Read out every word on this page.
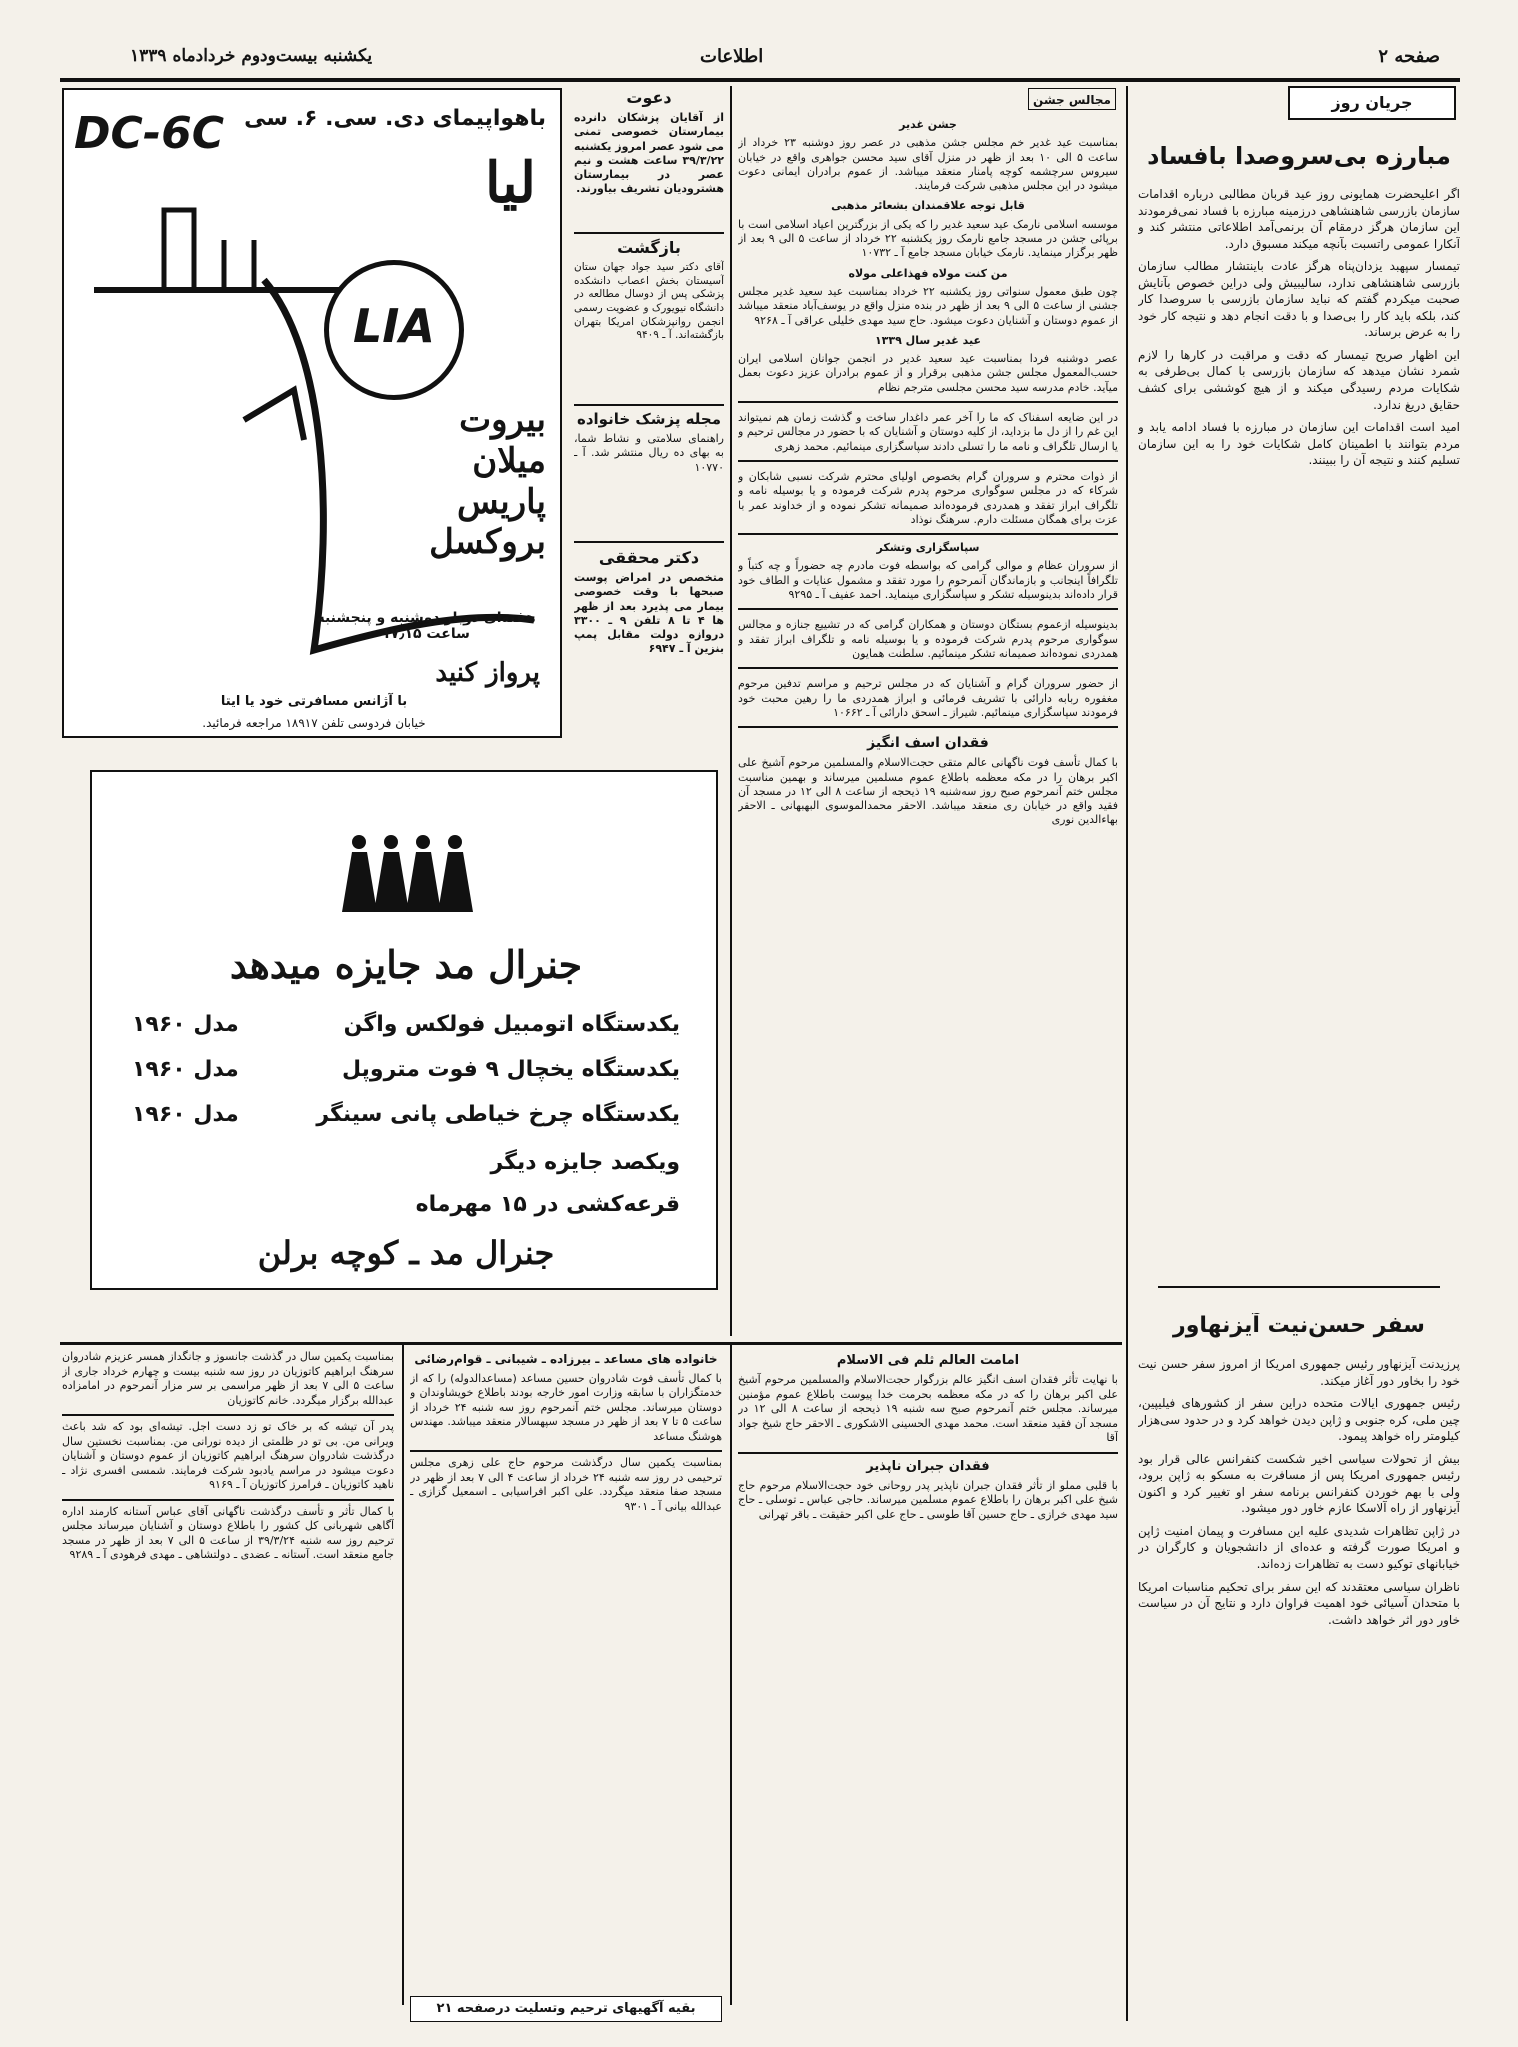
صفحه ۲
اطلاعات
یکشنبه بیست‌ودوم خردادماه ۱۳۳۹
جریان روز
مبارزه بی‌سروصدا بافساد

اگر اعلیحضرت همایونی روز عید قربان مطالبی درباره اقدامات سازمان بازرسی شاهنشاهی درزمینه مبارزه با فساد نمی‌فرمودند این سازمان هرگز درمقام آن برنمی‌آمد اطلاعاتی منتشر کند و آنکارا عمومی راتسبت بآنچه میکند مسبوق دارد.

تیمسار سپهبد یزدان‌پناه هرگز عادت باینتشار مطالب سازمان بازرسی شاهنشاهی ندارد، سالیبیش ولی دراین خصوص بآنایش صحبت میکردم گفتم که نباید سازمان بازرسی با سروصدا کار کند، بلکه باید کار را بی‌صدا و با دقت انجام دهد و نتیجه کار خود را به عرض برساند.

این اظهار صریح تیمسار که دقت و مراقبت در کارها را لازم شمرد نشان میدهد که سازمان بازرسی با کمال بی‌طرفی به شکایات مردم رسیدگی میکند و از هیچ کوششی برای کشف حقایق دریغ ندارد.

امید است اقدامات این سازمان در مبارزه با فساد ادامه یابد و مردم بتوانند با اطمینان کامل شکایات خود را به این سازمان تسلیم کنند و نتیجه آن را ببینند.

سفر حسن‌نیت آیزنهاور

پرزیدنت آیزنهاور رئیس جمهوری امریکا از امروز سفر حسن نیت خود را بخاور دور آغاز میکند.

رئیس جمهوری ایالات متحده دراین سفر از کشورهای فیلیپین، چین ملی، کره جنوبی و ژاپن دیدن خواهد کرد و در حدود سی‌هزار کیلومتر راه خواهد پیمود.

بیش از تحولات سیاسی اخیر شکست کنفرانس عالی قرار بود رئیس جمهوری امریکا پس از مسافرت به مسکو به ژاپن برود، ولی با بهم خوردن کنفرانس برنامه سفر او تغییر کرد و اکنون آیزنهاور از راه آلاسکا عازم خاور دور میشود.

در ژاپن تظاهرات شدیدی علیه این مسافرت و پیمان امنیت ژاپن و امریکا صورت گرفته و عده‌ای از دانشجویان و کارگران در خیابانهای توکیو دست به تظاهرات زده‌اند.

ناظران سیاسی معتقدند که این سفر برای تحکیم مناسبات امریکا با متحدان آسیائی خود اهمیت فراوان دارد و نتایج آن در سیاست خاور دور اثر خواهد داشت.

مجالس جشن
جشن غدیر

بمناسبت عید غدیر خم مجلس جشن مذهبی در عصر روز دوشنبه ۲۳ خرداد از ساعت ۵ الی ۱۰ بعد از ظهر در منزل آقای سید محسن جواهری واقع در خیابان سیروس سرچشمه کوچه پامنار منعقد میباشد. از عموم برادران ایمانی دعوت میشود در این مجلس مذهبی شرکت فرمایند.

قابل توجه علاقمندان بشعائر مذهبی

موسسه اسلامی نارمک عید سعید غدیر را که یکی از بزرگترین اعیاد اسلامی است با برپائی جشن در مسجد جامع نارمک روز یکشنبه ۲۲ خرداد از ساعت ۵ الی ۹ بعد از ظهر برگزار مینماید. نارمک خیابان مسجد جامع آ ـ ۱۰۷۳۲

من کنت مولاه فهذاعلی مولاه

چون طبق معمول سنواتی روز یکشنبه ۲۲ خرداد بمناسبت عید سعید غدیر مجلس جشنی از ساعت ۵ الی ۹ بعد از ظهر در بنده منزل واقع در یوسف‌آباد منعقد میباشد از عموم دوستان و آشنایان دعوت میشود. حاج سید مهدی خلیلی عراقی آ ـ ۹۲۶۸

عید غدیر سال ۱۳۳۹

عصر دوشنبه فردا بمناسبت عید سعید غدیر در انجمن جوانان اسلامی ایران حسب‌المعمول مجلس جشن مذهبی برقرار و از عموم برادران عزیز دعوت بعمل میآید. خادم مدرسه سید محسن مجلسی مترجم نظام

در این ضایعه اسفناک که ما را آخر عمر داغدار ساخت و گذشت زمان هم نمیتواند این غم را از دل ما بزداید، از کلیه دوستان و آشنایان که با حضور در مجالس ترحیم و یا ارسال تلگراف و نامه ما را تسلی دادند سپاسگزاری مینمائیم. محمد زهری

از ذوات محترم و سروران گرام بخصوص اولیای محترم شرکت نسبی شابکان و شرکاء که در مجلس سوگواری مرحوم پدرم شرکت فرموده و یا بوسیله نامه و تلگراف ابراز تفقد و همدردی فرموده‌اند صمیمانه تشکر نموده و از خداوند عمر با عزت برای همگان مسئلت دارم. سرهنگ نوذاد

سپاسگزاری وتشکر

از سروران عظام و موالی گرامی که بواسطه فوت مادرم چه حضوراً و چه کتباً و تلگرافاً اینجانب و بازماندگان آنمرحوم را مورد تفقد و مشمول عنایات و الطاف خود قرار داده‌اند بدینوسیله تشکر و سپاسگزاری مینماید. احمد عفیف آ ـ ۹۲۹۵

بدینوسیله ازعموم بستگان دوستان و همکاران گرامی که در تشییع جنازه و مجالس سوگواری مرحوم پدرم شرکت فرموده و یا بوسیله نامه و تلگراف ابراز تفقد و همدردی نموده‌اند صمیمانه تشکر مینمائیم. سلطنت همایون

از حضور سروران گرام و آشنایان که در مجلس ترحیم و مراسم تدفین مرحوم مغفوره ربابه دارائی با تشریف فرمائی و ابراز همدردی ما را رهین محبت خود فرمودند سپاسگزاری مینمائیم. شیراز ـ اسحق دارائی آ ـ ۱۰۶۶۲

فقدان اسف انگیز

با کمال تأسف فوت ناگهانی عالم متقی حجت‌الاسلام والمسلمین مرحوم آشیخ علی اکبر برهان را در مکه معظمه باطلاع عموم مسلمین میرساند و بهمین مناسبت مجلس ختم آنمرحوم صبح روز سه‌شنبه ۱۹ ذیحجه از ساعت ۸ الی ۱۲ در مسجد آن فقید واقع در خیابان ری منعقد میباشد. الاحقر محمدالموسوی البهبهانی ـ الاحقر بهاءالدین نوری

دعوت
از آقایان پزشکان دانرده بیمارستان خصوصی تمنی می شود عصر امروز یکشنبه ۳۹/۳/۲۲ ساعت هشت و نیم عصر در بیمارستان هشترودیان تشریف بیاورند.
بازگشت
آقای دکتر سید جواد جهان ستان آسیستان بخش اعصاب دانشکده پزشکی پس از دوسال مطالعه در دانشگاه نیویورک و عضویت رسمی انجمن روانپزشکان امریکا بتهران بازگشته‌اند. آ ـ ۹۴۰۹
مجله پزشک خانواده
راهنمای سلامتی و نشاط شما، به بهای ده ریال منتشر شد. آ ـ ۱۰۷۷۰
دکتر محققی
متخصص در امراض پوست صبحها با وقت خصوصی بیمار می پذیرد بعد از ظهر ها ۴ تا ۸ تلفن ۹ ـ ۳۳۰۰ دروازه دولت مقابل پمپ بنزین آ ـ ۶۹۴۷
DC-6C باهواپیمای دی. سی. ۶. سی
لیا
LIA
بیروت
میلان
پاریس
بروکسل
هفته‌ای دوبار دوشنبه و پنجشنبه ساعت ۱۷٫۱۵
پرواز کنید
با آژانس مسافرتی خود یا ایتا
خیابان فردوسی تلفن ۱۸۹۱۷ مراجعه فرمائید.
جنرال مد جایزه میدهد
یکدستگاه اتومبیل فولکس واگن
مدل ۱۹۶۰
یکدستگاه یخچال ۹ فوت متروپل
مدل ۱۹۶۰
یکدستگاه چرخ خیاطی پانی سینگر
مدل ۱۹۶۰
ویکصد جایزه دیگر
قرعه‌کشی در ۱۵ مهرماه
جنرال مد ـ کوچه برلن
امامت العالم ثلم فی الاسلام

با نهایت تأثر فقدان اسف انگیز عالم بزرگوار حجت‌الاسلام والمسلمین مرحوم آشیخ علی اکبر برهان را که در مکه معظمه بحرمت خدا پیوست باطلاع عموم مؤمنین میرساند. مجلس ختم آنمرحوم صبح سه شنبه ۱۹ ذیحجه از ساعت ۸ الی ۱۲ در مسجد آن فقید منعقد است. محمد مهدی الحسینی الاشکوری ـ الاحقر حاج شیخ جواد آقا

فقدان جبران ناپذیر

با قلبی مملو از تأثر فقدان جبران ناپذیر پدر روحانی خود حجت‌الاسلام مرحوم حاج شیخ علی اکبر برهان را باطلاع عموم مسلمین میرساند. حاجی عباس ـ توسلی ـ حاج سید مهدی خرازی ـ حاج حسین آقا طوسی ـ حاج علی اکبر حقیقت ـ باقر تهرانی

خانواده های مساعد ـ بیرزاده ـ شیبانی ـ قوام‌رضائی

با کمال تأسف فوت شادروان حسین مساعد (مساعدالدوله) را که از خدمتگزاران با سابقه وزارت امور خارجه بودند باطلاع خویشاوندان و دوستان میرساند. مجلس ختم آنمرحوم روز سه شنبه ۲۴ خرداد از ساعت ۵ تا ۷ بعد از ظهر در مسجد سپهسالار منعقد میباشد. مهندس هوشنگ مساعد

بمناسبت یکمین سال درگذشت مرحوم حاج علی زهری مجلس ترحیمی در روز سه شنبه ۲۴ خرداد از ساعت ۴ الی ۷ بعد از ظهر در مسجد صفا منعقد میگردد. علی اکبر افراسیابی ـ اسمعیل گزازی ـ عبدالله بیانی آ ـ ۹۳۰۱

بمناسبت یکمین سال در گذشت جانسوز و جانگداز همسر عزیزم شادروان سرهنگ ابراهیم کاتوزیان در روز سه شنبه بیست و چهارم خرداد جاری از ساعت ۵ الی ۷ بعد از ظهر مراسمی بر سر مزار آنمرحوم در امامزاده عبدالله برگزار میگردد. خانم کاتوزیان

پدر آن تیشه که بر خاک تو زد دست اجل. تیشه‌ای بود که شد باعث ویرانی من. بی تو در ظلمتی از دیده نورانی من. بمناسبت نخستین سال درگذشت شادروان سرهنگ ابراهیم کاتوزیان از عموم دوستان و آشنایان دعوت میشود در مراسم یادبود شرکت فرمایند. شمسی افسری نژاد ـ ناهید کاتوزیان ـ فرامرز کاتوزیان آ ـ ۹۱۶۹

با کمال تأثر و تأسف درگذشت ناگهانی آقای عباس آستانه کارمند اداره آگاهی شهربانی کل کشور را باطلاع دوستان و آشنایان میرساند مجلس ترحیم روز سه شنبه ۳۹/۳/۲۴ از ساعت ۵ الی ۷ بعد از ظهر در مسجد جامع منعقد است. آستانه ـ عضدی ـ دولتشاهی ـ مهدی فرهودی آ ـ ۹۲۸۹

بقیه آگهیهای ترحیم وتسلیت درصفحه ۲۱
